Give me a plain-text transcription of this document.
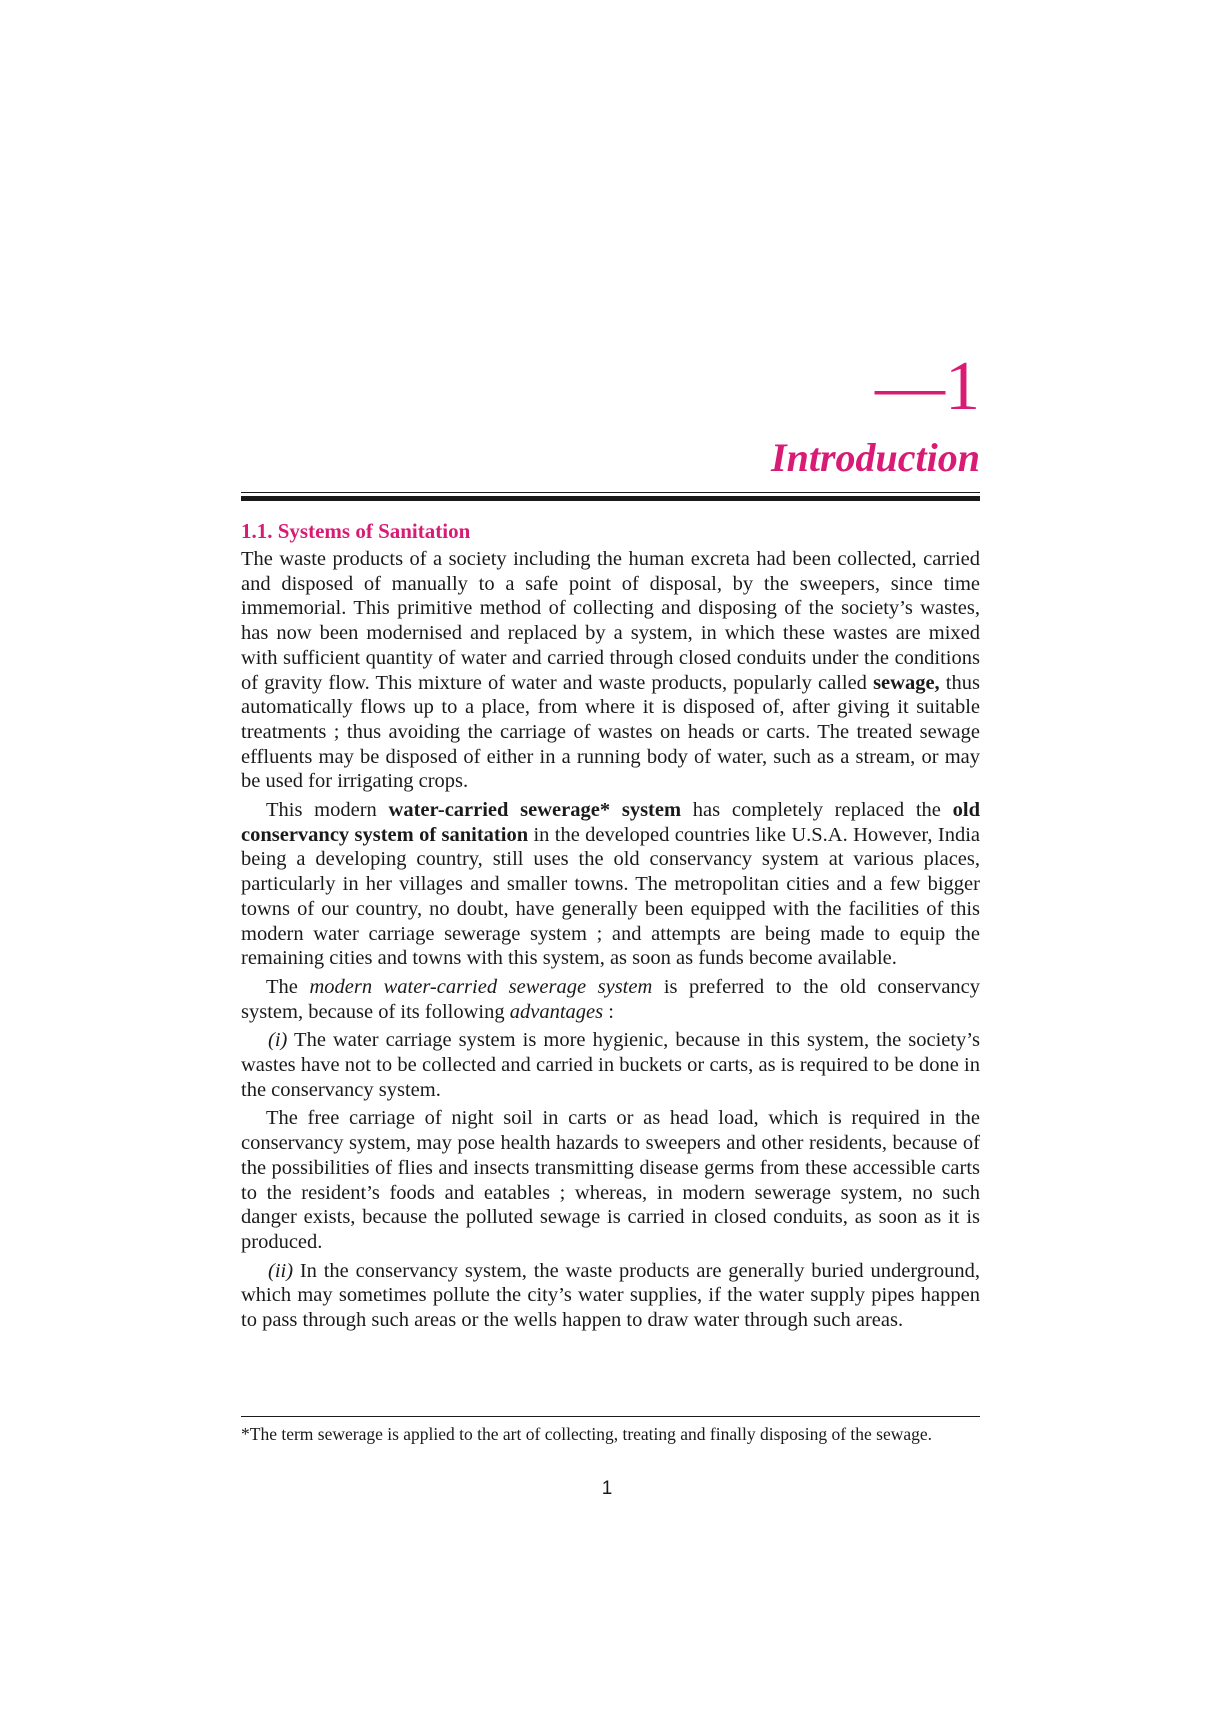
—1
Introduction
1.1. Systems of Sanitation

The waste products of a society including the human excreta had been collected, carried and disposed of manually to a safe point of disposal, by the sweepers, since time immemorial. This primitive method of collecting and disposing of the society’s wastes, has now been modernised and replaced by a system, in which these wastes are mixed with sufficient quantity of water and carried through closed conduits under the conditions of gravity flow. This mixture of water and waste products, popularly called sewage, thus automatically flows up to a place, from where it is disposed of, after giving it suitable treatments ; thus avoiding the carriage of wastes on heads or carts. The treated sewage effluents may be disposed of either in a running body of water, such as a stream, or may be used for irrigating crops.

This modern water-carried sewerage* system has completely replaced the old conservancy system of sanitation in the developed countries like U.S.A. However, India being a developing country, still uses the old conservancy system at various places, particularly in her villages and smaller towns. The metropolitan cities and a few bigger towns of our country, no doubt, have generally been equipped with the facilities of this modern water carriage sewerage system ; and attempts are being made to equip the remaining cities and towns with this system, as soon as funds become available.

The modern water-carried sewerage system is preferred to the old conservancy system, because of its following advantages :

(i) The water carriage system is more hygienic, because in this system, the society’s wastes have not to be collected and carried in buckets or carts, as is required to be done in the conservancy system.

The free carriage of night soil in carts or as head load, which is required in the conservancy system, may pose health hazards to sweepers and other residents, because of the possibilities of flies and insects transmitting disease germs from these accessible carts to the resident’s foods and eatables ; whereas, in modern sewerage system, no such danger exists, because the polluted sewage is carried in closed conduits, as soon as it is produced.

(ii) In the conservancy system, the waste products are generally buried underground, which may sometimes pollute the city’s water supplies, if the water supply pipes happen to pass through such areas or the wells happen to draw water through such areas.

*The term sewerage is applied to the art of collecting, treating and finally disposing of the sewage.
1
